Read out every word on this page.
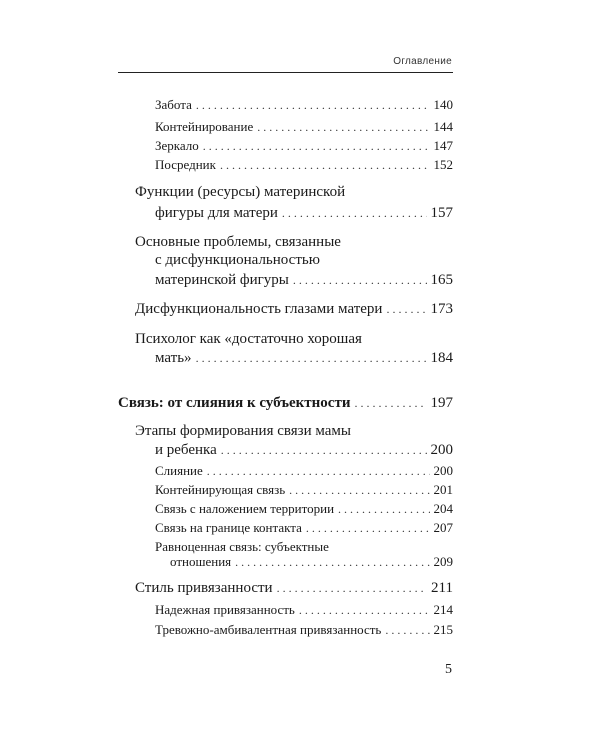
Оглавление
Забота . . .	140
Контейнирование . . .	144
Зеркало . . .	147
Посредник . . .	152
Функции (ресурсы) материнской
фигуры для матери . . .	157
Основные проблемы, связанные
с дисфункциональностью
материнской фигуры . . .	165
Дисфункциональность глазами матери . . .	173
Психолог как «достаточно хорошая
мать» . . .	184
Связь: от слияния к субъектности . . .	197
Этапы формирования связи мамы
и ребенка . . .	200
Слияние . . .	200
Контейнирующая связь . . .	201
Связь с наложением территории . . .	204
Связь на границе контакта . . .	207
Равноценная связь: субъектные
отношения . . .	209
Стиль привязанности . . .	211
Надежная привязанность . . .	214
Тревожно-амбивалентная привязанность . . .	215
5
